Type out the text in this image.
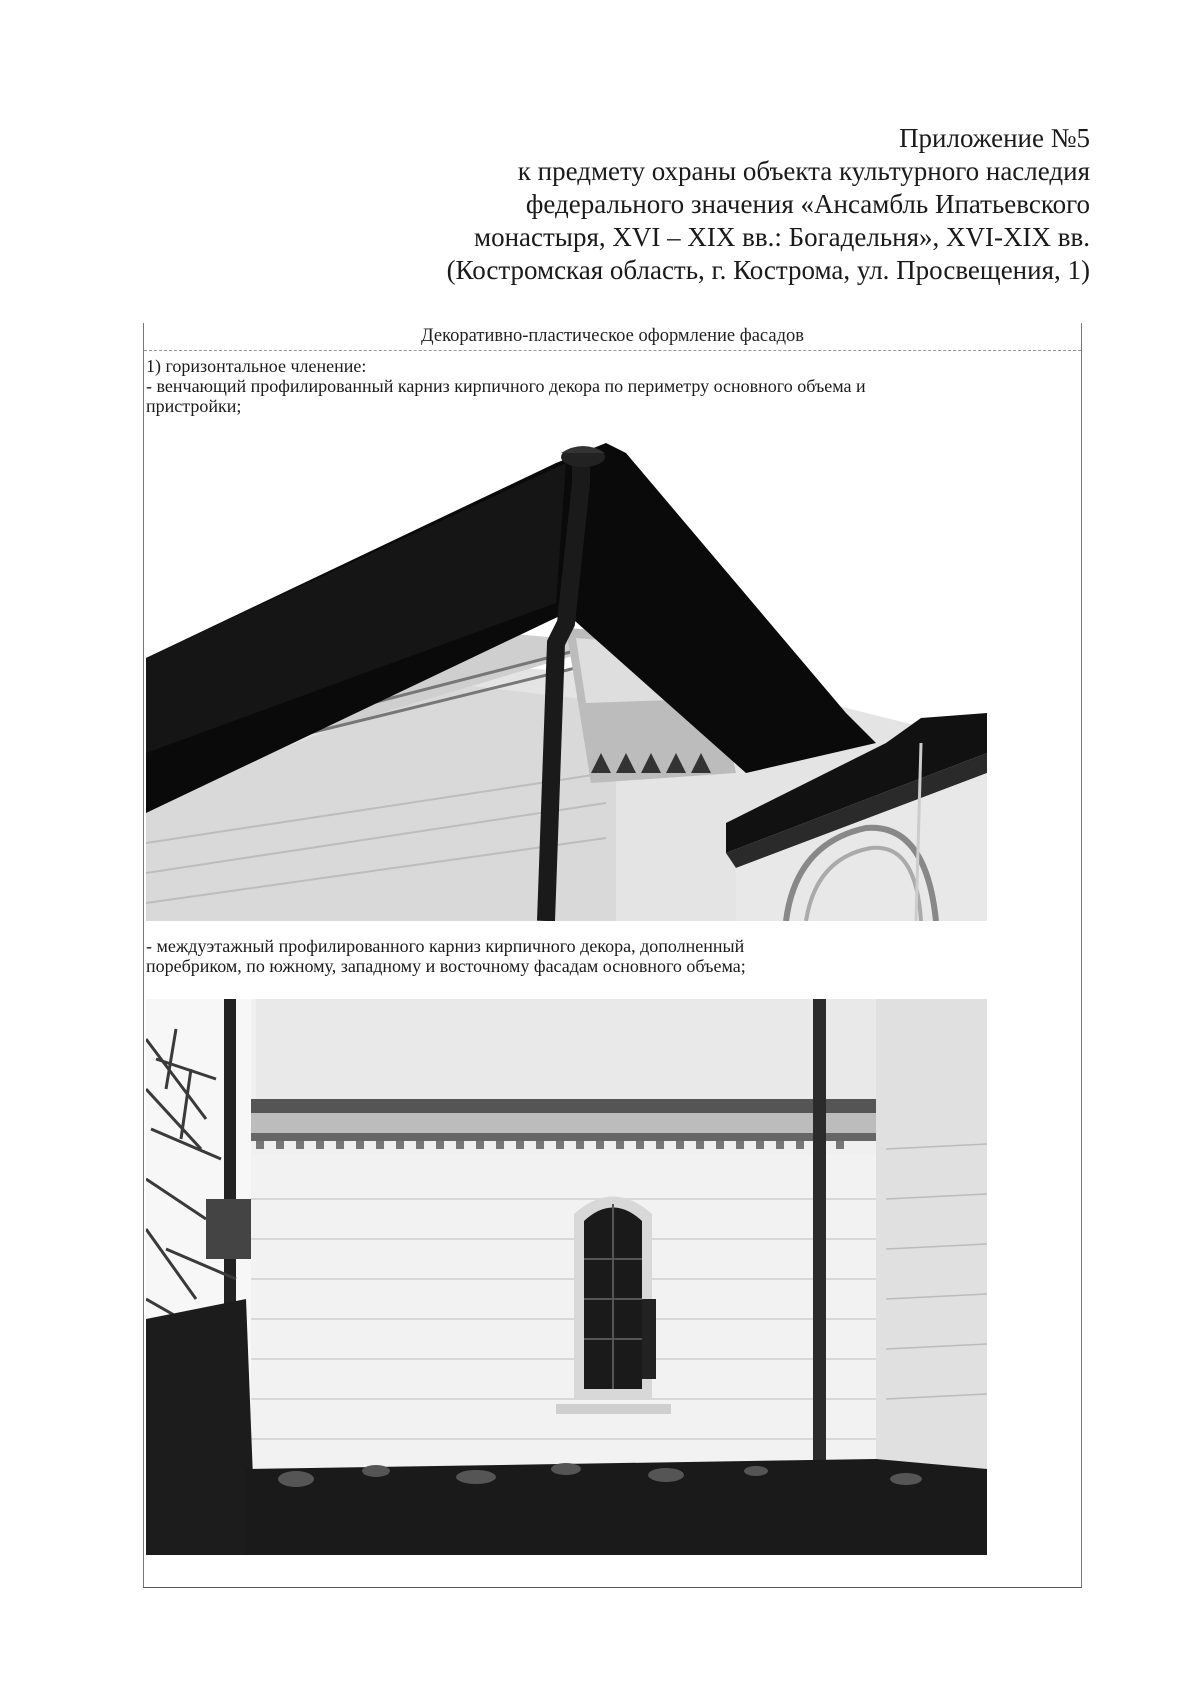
Приложение №5
к предмету охраны объекта культурного наследия
федерального значения «Ансамбль Ипатьевского
монастыря, XVI – XIX вв.: Богадельня», XVI-XIX вв.
(Костромская область, г. Кострома, ул. Просвещения, 1)
Декоративно-пластическое оформление фасадов
1) горизонтальное членение:
- венчающий профилированный карниз кирпичного декора по периметру основного объема и
пристройки;
- междуэтажный профилированного карниз кирпичного декора, дополненный
поребриком, по южному, западному и восточному фасадам основного объема;
